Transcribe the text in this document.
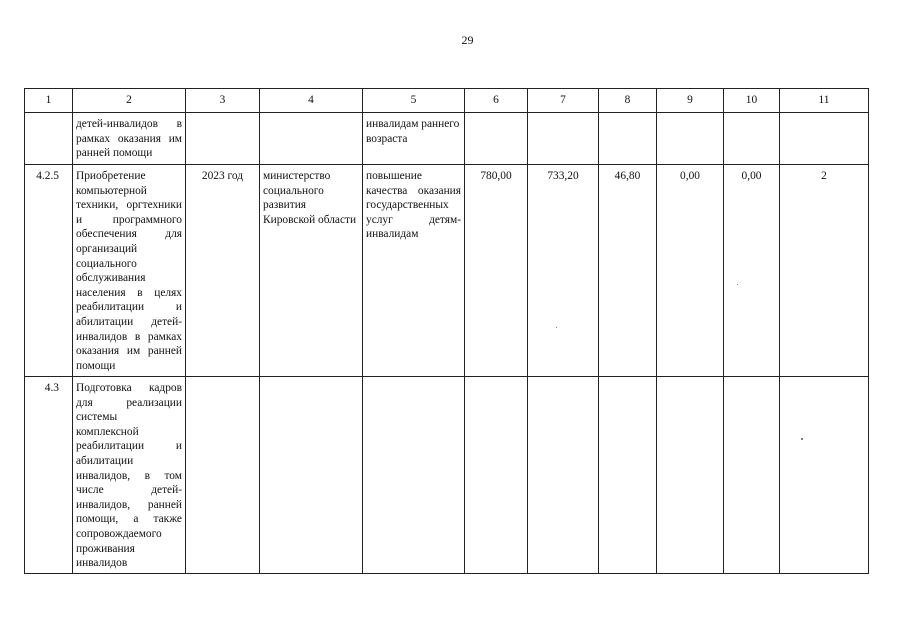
29
1	2	3	4	5	6	7	8	9	10	11
	детей-инвалидов в рамках оказания им ранней помощи			инвалидам раннего возраста						
4.2.5	Приобретение компьютерной техники, оргтехники и программного обеспечения для организаций социального обслуживания населения в целях реабилитации и абилитации детей-инвалидов в рамках оказания им ранней помощи	2023 год	министерство социального развития Кировской области	повышение качества оказания государственных услуг детям-инвалидам	780,00	733,20	46,80	0,00	0,00	2
4.3	Подготовка кадров для реализации системы комплексной реабилитации и абилитации инвалидов, в том числе детей-инвалидов, ранней помощи, а также сопровождаемого проживания инвалидов									
